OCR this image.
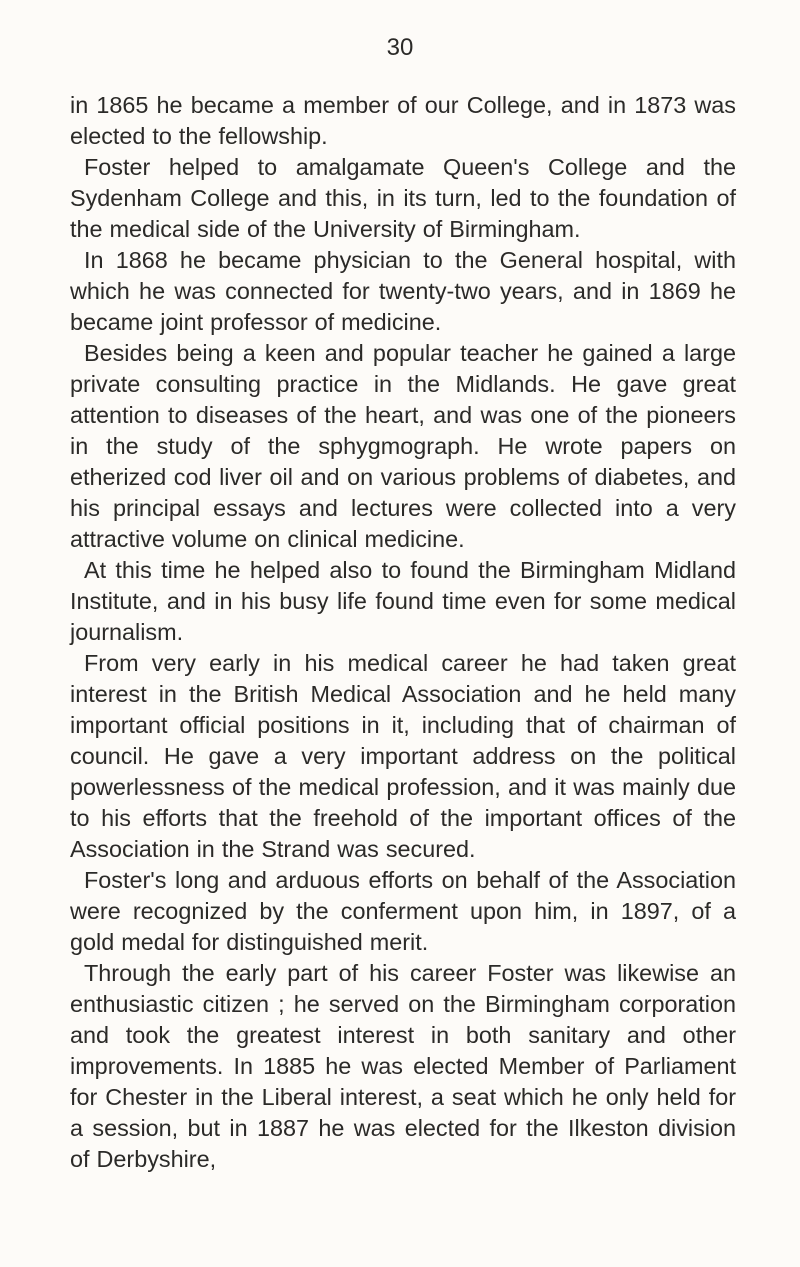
30

in 1865 he became a member of our College, and in 1873 was elected to the fellowship.

Foster helped to amalgamate Queen's College and the Sydenham College and this, in its turn, led to the foundation of the medical side of the University of Birmingham.

In 1868 he became physician to the General hospital, with which he was connected for twenty-two years, and in 1869 he became joint professor of medicine.

Besides being a keen and popular teacher he gained a large private consulting practice in the Midlands. He gave great attention to diseases of the heart, and was one of the pioneers in the study of the sphygmograph. He wrote papers on etherized cod liver oil and on various problems of diabetes, and his principal essays and lectures were collected into a very attractive volume on clinical medicine.

At this time he helped also to found the Birmingham Midland Institute, and in his busy life found time even for some medical journalism.

From very early in his medical career he had taken great interest in the British Medical Association and he held many important official positions in it, including that of chairman of council. He gave a very important address on the political powerlessness of the medical profession, and it was mainly due to his efforts that the freehold of the important offices of the Association in the Strand was secured.

Foster's long and arduous efforts on behalf of the Association were recognized by the conferment upon him, in 1897, of a gold medal for distinguished merit.

Through the early part of his career Foster was likewise an enthusiastic citizen ; he served on the Birmingham corporation and took the greatest interest in both sanitary and other improvements. In 1885 he was elected Member of Parliament for Chester in the Liberal interest, a seat which he only held for a session, but in 1887 he was elected for the Ilkeston division of Derbyshire,
